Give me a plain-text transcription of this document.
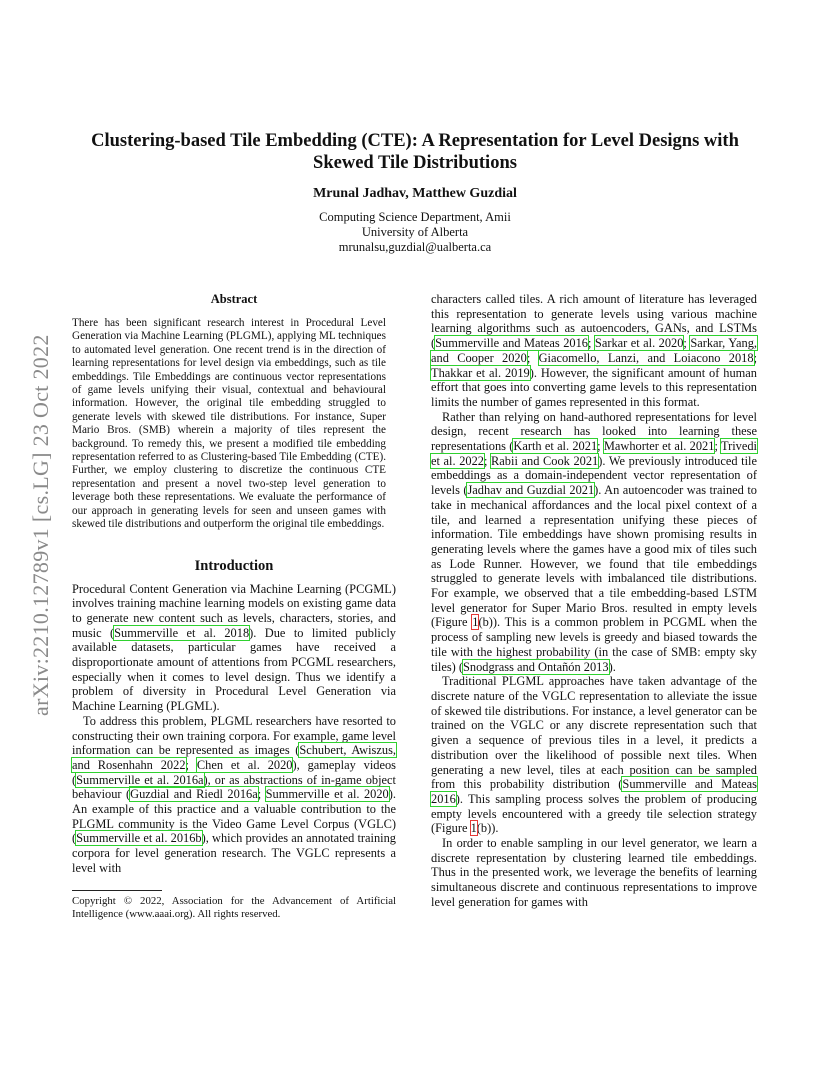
arXiv:2210.12789v1 [cs.LG] 23 Oct 2022

Clustering-based Tile Embedding (CTE): A Representation for Level Designs with
Skewed Tile Distributions

Mrunal Jadhav, Matthew Guzdial
Computing Science Department, Amii
University of Alberta
mrunalsu,guzdial@ualberta.ca
Abstract

There has been significant research interest in Procedural Level Generation via Machine Learning (PLGML), applying ML techniques to automated level generation. One recent trend is in the direction of learning representations for level design via embeddings, such as tile embeddings. Tile Embeddings are continuous vector representations of game levels unifying their visual, contextual and behavioural information. However, the original tile embedding struggled to generate levels with skewed tile distributions. For instance, Super Mario Bros. (SMB) wherein a majority of tiles represent the background. To remedy this, we present a modified tile embedding representation referred to as Clustering-based Tile Embedding (CTE). Further, we employ clustering to discretize the continuous CTE representation and present a novel two-step level generation to leverage both these representations. We evaluate the performance of our approach in generating levels for seen and unseen games with skewed tile distributions and outperform the original tile embeddings.

Introduction

Procedural Content Generation via Machine Learning (PCGML) involves training machine learning models on existing game data to generate new content such as levels, characters, stories, and music (Summerville et al. 2018). Due to limited publicly available datasets, particular games have received a disproportionate amount of attentions from PCGML researchers, especially when it comes to level design. Thus we identify a problem of diversity in Procedural Level Generation via Machine Learning (PLGML).

To address this problem, PLGML researchers have resorted to constructing their own training corpora. For example, game level information can be represented as images (Schubert, Awiszus, and Rosenhahn 2022; Chen et al. 2020), gameplay videos (Summerville et al. 2016a), or as abstractions of in-game object behaviour (Guzdial and Riedl 2016a; Summerville et al. 2020). An example of this practice and a valuable contribution to the PLGML community is the Video Game Level Corpus (VGLC) (Summerville et al. 2016b), which provides an annotated training corpora for level generation research. The VGLC represents a level with

Copyright © 2022, Association for the Advancement of Artificial Intelligence (www.aaai.org). All rights reserved.

characters called tiles. A rich amount of literature has leveraged this representation to generate levels using various machine learning algorithms such as autoencoders, GANs, and LSTMs (Summerville and Mateas 2016; Sarkar et al. 2020; Sarkar, Yang, and Cooper 2020; Giacomello, Lanzi, and Loiacono 2018; Thakkar et al. 2019). However, the significant amount of human effort that goes into converting game levels to this representation limits the number of games represented in this format.

Rather than relying on hand-authored representations for level design, recent research has looked into learning these representations (Karth et al. 2021; Mawhorter et al. 2021; Trivedi et al. 2022; Rabii and Cook 2021). We previously introduced tile embeddings as a domain-independent vector representation of levels (Jadhav and Guzdial 2021). An autoencoder was trained to take in mechanical affordances and the local pixel context of a tile, and learned a representation unifying these pieces of information. Tile embeddings have shown promising results in generating levels where the games have a good mix of tiles such as Lode Runner. However, we found that tile embeddings struggled to generate levels with imbalanced tile distributions. For example, we observed that a tile embedding-based LSTM level generator for Super Mario Bros. resulted in empty levels (Figure 1(b)). This is a common problem in PCGML when the process of sampling new levels is greedy and biased towards the tile with the highest probability (in the case of SMB: empty sky tiles) (Snodgrass and Ontañón 2013).

Traditional PLGML approaches have taken advantage of the discrete nature of the VGLC representation to alleviate the issue of skewed tile distributions. For instance, a level generator can be trained on the VGLC or any discrete representation such that given a sequence of previous tiles in a level, it predicts a distribution over the likelihood of possible next tiles. When generating a new level, tiles at each position can be sampled from this probability distribution (Summerville and Mateas 2016). This sampling process solves the problem of producing empty levels encountered with a greedy tile selection strategy (Figure 1(b)).

In order to enable sampling in our level generator, we learn a discrete representation by clustering learned tile embeddings. Thus in the presented work, we leverage the benefits of learning simultaneous discrete and continuous representations to improve level generation for games with
